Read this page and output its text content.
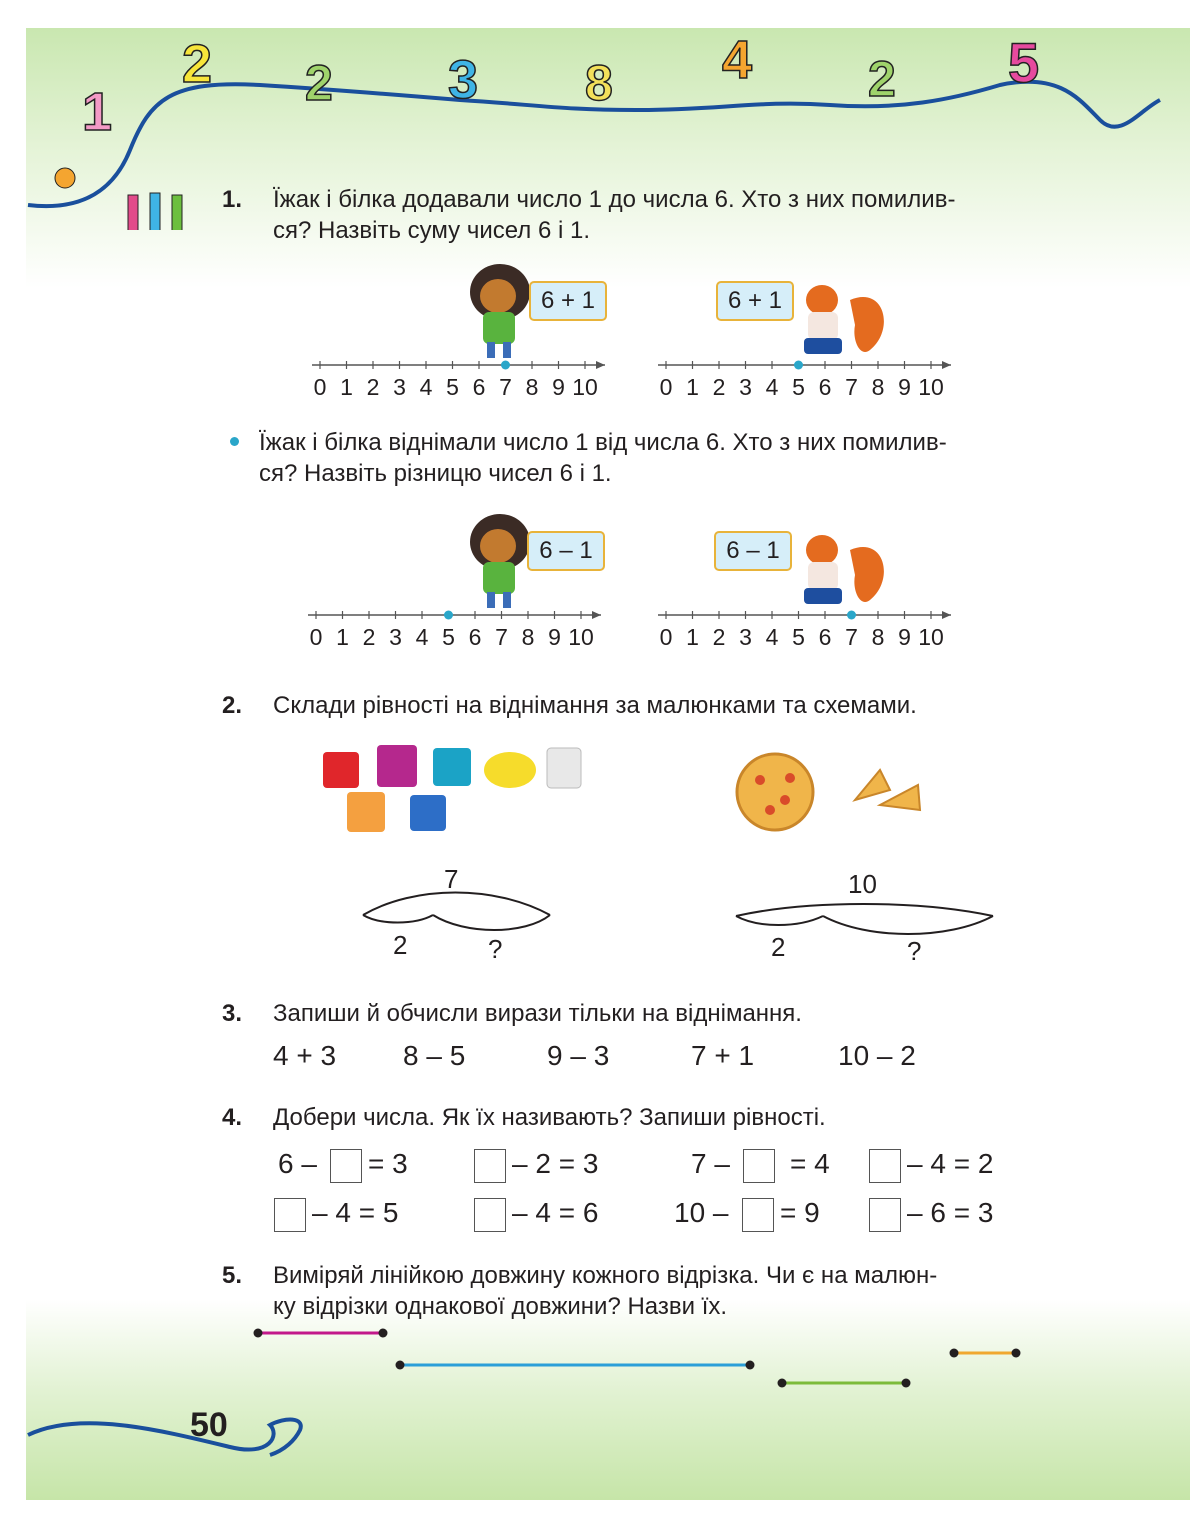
1
2 2 3 8 4 2 5
1. Їжак і білка додавали число 1 до числа 6. Хто з них помилив-
ся? Назвіть суму чисел 6 і 1.
6 + 1	6 + 1
0 1 2 3 4 5 6 7 8 9 10	0 1 2 3 4 5 6 7 8 9 10
Їжак і білка віднімали число 1 від числа 6. Хто з них помилив-
ся? Назвіть різницю чисел 6 і 1.
6 – 1	6 – 1
0 1 2 3 4 5 6 7 8 9 10	0 1 2 3 4 5 6 7 8 9 10
2. Склади рівності на віднімання за малюнками та схемами.
7
2	?
10
2	?
3. Запиши й обчисли вирази тільки на віднімання.
4 + 3 8 – 5	9 – 3	7 + 1	10 – 2
4. Добери числа. Як їх називають? Запиши рівності.
6 – = 3	– 2 = 3	7 – = 4	– 4 = 2
– 4 = 5	– 4 = 6	10 – = 9	– 6 = 3
5. Виміряй лінійкою довжину кожного відрізка. Чи є на малюн-
ку відрізки однакової довжини? Назви їх.
50
